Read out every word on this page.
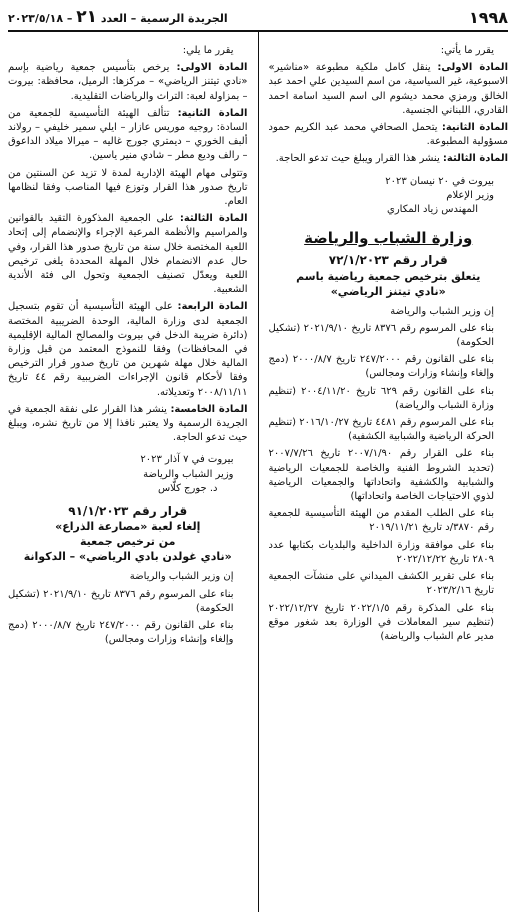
الجريدة الرسمية – العدد ٢١ – ٢٠٢٣/٥/١٨	١٩٩٨

يقرر ما يلي:

المادة الاولى: يرخص بتأسيس جمعية رياضية بإسم «نادي تيتنز الرياضي» – مركزها: الرميل، محافظة: بيروت – بمزاولة لعبة: التراث والرياضات التقليدية.

المادة الثانية: تتألف الهيئة التأسيسية للجمعية من السادة: روجيه موريس عازار – ايلي سمير خليفي – رولاند ألبف الخوري – ديمتري جورج غاليه – ميرالا ميلاد الداعوق – رالف وديع مطر – شادي منير ياسين.

وتتولى مهام الهيئة الإدارية لمدة لا تزيد عن السنتين من تاريخ صدور هذا القرار وتوزع فيها المناصب وفقا لنظامها العام.

المادة الثالثة: على الجمعية المذكورة التقيد بالقوانين والمراسيم والأنظمة المرعية الإجراء والإنضمام إلى إتحاد اللعبة المختصة خلال سنة من تاريخ صدور هذا القرار، وفي حال عدم الانضمام خلال المهلة المحددة يلغى ترخيص اللعبة ويعدّل تصنيف الجمعية وتحول الى فئة الأندية الشعبية.

المادة الرابعة: على الهيئة التأسيسية أن تقوم بتسجيل الجمعية لدى وزارة المالية، الوحدة الضريبية المختصة (دائرة ضريبة الدخل في بيروت والمصالح المالية الإقليمية في المحافظات) وفقا للنموذج المعتمد من قبل وزارة المالية خلال مهلة شهرين من تاريخ صدور قرار الترخيص وفقا لأحكام قانون الإجراءات الضريبية رقم ٤٤ تاريخ ٢٠٠٨/١١/١١ وتعديلاته.

المادة الخامسة: ينشر هذا القرار على نفقة الجمعية في الجريدة الرسمية ولا يعتبر نافذا إلا من تاريخ نشره، ويبلغ حيث تدعو الحاجة.

بيروت في ٧ آذار ٢٠٢٣

وزير الشباب والرياضة

د. جورج كلّاس

قرار رقم ٩١/١/٢٠٢٣

إلغاء لعبة «مصارعة الذراع»

من ترخيص جمعية

«نادي غولدن بادي الرياضي» – الدكوانة

إن وزير الشباب والرياضة

بناء على المرسوم رقم ٨٣٧٦ تاريخ ٢٠٢١/٩/١٠ (تشكيل الحكومة)

بناء على القانون رقم ٢٤٧/٢٠٠٠ تاريخ ٢٠٠٠/٨/٧ (دمج وإلغاء وإنشاء وزارات ومجالس)

يقرر ما يأتي:

المادة الاولى: ينقل كامل ملكية مطبوعة «مناشير» الاسبوعية، غير السياسية، من اسم السيدين علي احمد عبد الخالق ورمزي محمد ديشوم الى اسم السيد اسامة احمد القادري، اللبناني الجنسية.

المادة الثانية: يتحمل الصحافي محمد عبد الكريم حمود مسؤولية المطبوعة.

المادة الثالثة: ينشر هذا القرار ويبلغ حيث تدعو الحاجة.

بيروت في ٢٠ نيسان ٢٠٢٣

وزير الإعلام

المهندس زياد المكاري

وزارة الشباب والرياضة

قرار رقم ٧٢/١/٢٠٢٣

يتعلق بترخيص جمعية رياضية باسم

«نادي تيتنز الرياضي»

إن وزير الشباب والرياضة

بناء على المرسوم رقم ٨٣٧٦ تاريخ ٢٠٢١/٩/١٠ (تشكيل الحكومة)

بناء على القانون رقم ٢٤٧/٢٠٠٠ تاريخ ٢٠٠٠/٨/٧ (دمج وإلغاء وإنشاء وزارات ومجالس)

بناء على القانون رقم ٦٢٩ تاريخ ٢٠٠٤/١١/٢٠ (تنظيم وزارة الشباب والرياضة)

بناء على المرسوم رقم ٤٤٨١ تاريخ ٢٠١٦/١٠/٢٧ (تنظيم الحركة الرياضية والشبابية الكشفية)

بناء على القرار رقم ٢٠٠٧/١/٩٠ تاريخ ٢٠٠٧/٧/٢٦ (تحديد الشروط الفنية والخاصة للجمعيات الرياضية والشبابية والكشفية واتحاداتها والجمعيات الرياضية لذوي الاحتياجات الخاصة واتحاداتها)

بناء على الطلب المقدم من الهيئة التأسيسية للجمعية رقم ٣٨٧٠/د تاريخ ٢٠١٩/١١/٢١

بناء على موافقة وزارة الداخلية والبلديات بكتابها عدد ٢٨٠٩ تاريخ ٢٠٢٢/١٢/٢٢

بناء على تقرير الكشف الميداني على منشآت الجمعية تاريخ ٢٠٢٣/٢/١٦

بناء على المذكرة رقم ٢٠٢٢/١/٥ تاريخ ٢٠٢٢/١٢/٢٧ (تنظيم سير المعاملات في الوزارة بعد شغور موقع مدير عام الشباب والرياضة)
